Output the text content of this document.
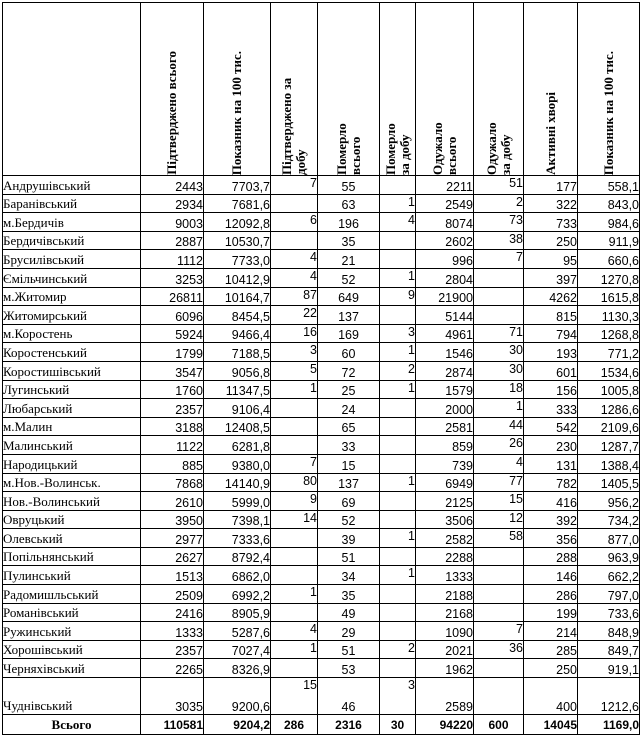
	Підтверджено всього	Показник на 100 тис.	Підтверджено за добу	Померло всього	Померло за добу	Одужало всього	Одужало за добу	Активні хворі	Показник на 100 тис.

Андрушівський	2443	7703,7	7	55		2211	51	177	558,1
Баранівський	2934	7681,6		63	1	2549	2	322	843,0
м.Бердичів	9003	12092,8	6	196	4	8074	73	733	984,6
Бердичівський	2887	10530,7		35		2602	38	250	911,9
Брусилівський	1112	7733,0	4	21		996	7	95	660,6
Ємільчинський	3253	10412,9	4	52	1	2804		397	1270,8
м.Житомир	26811	10164,7	87	649	9	21900		4262	1615,8
Житомирський	6096	8454,5	22	137		5144		815	1130,3
м.Коростень	5924	9466,4	16	169	3	4961	71	794	1268,8
Коростенський	1799	7188,5	3	60	1	1546	30	193	771,2
Коростишівський	3547	9056,8	5	72	2	2874	30	601	1534,6
Лугинський	1760	11347,5	1	25	1	1579	18	156	1005,8
Любарський	2357	9106,4		24		2000	1	333	1286,6
м.Малин	3188	12408,5		65		2581	44	542	2109,6
Малинський	1122	6281,8		33		859	26	230	1287,7
Народицький	885	9380,0	7	15		739	4	131	1388,4
м.Нов.-Волинськ.	7868	14140,9	80	137	1	6949	77	782	1405,5
Нов.-Волинський	2610	5999,0	9	69		2125	15	416	956,2
Овруцький	3950	7398,1	14	52		3506	12	392	734,2
Олевський	2977	7333,6		39	1	2582	58	356	877,0
Попільнянський	2627	8792,4		51		2288		288	963,9
Пулинський	1513	6862,0		34	1	1333		146	662,2
Радомишльський	2509	6992,2	1	35		2188		286	797,0
Романівський	2416	8905,9		49		2168		199	733,6
Ружинський	1333	5287,6	4	29		1090	7	214	848,9
Хорошівський	2357	7027,4	1	51	2	2021	36	285	849,7
Черняхівський	2265	8326,9		53		1962		250	919,1
Чуднівський	3035	9200,6	15	46	3	2589		400	1212,6
Всього	110581	9204,2	286	2316	30	94220	600	14045	1169,0
